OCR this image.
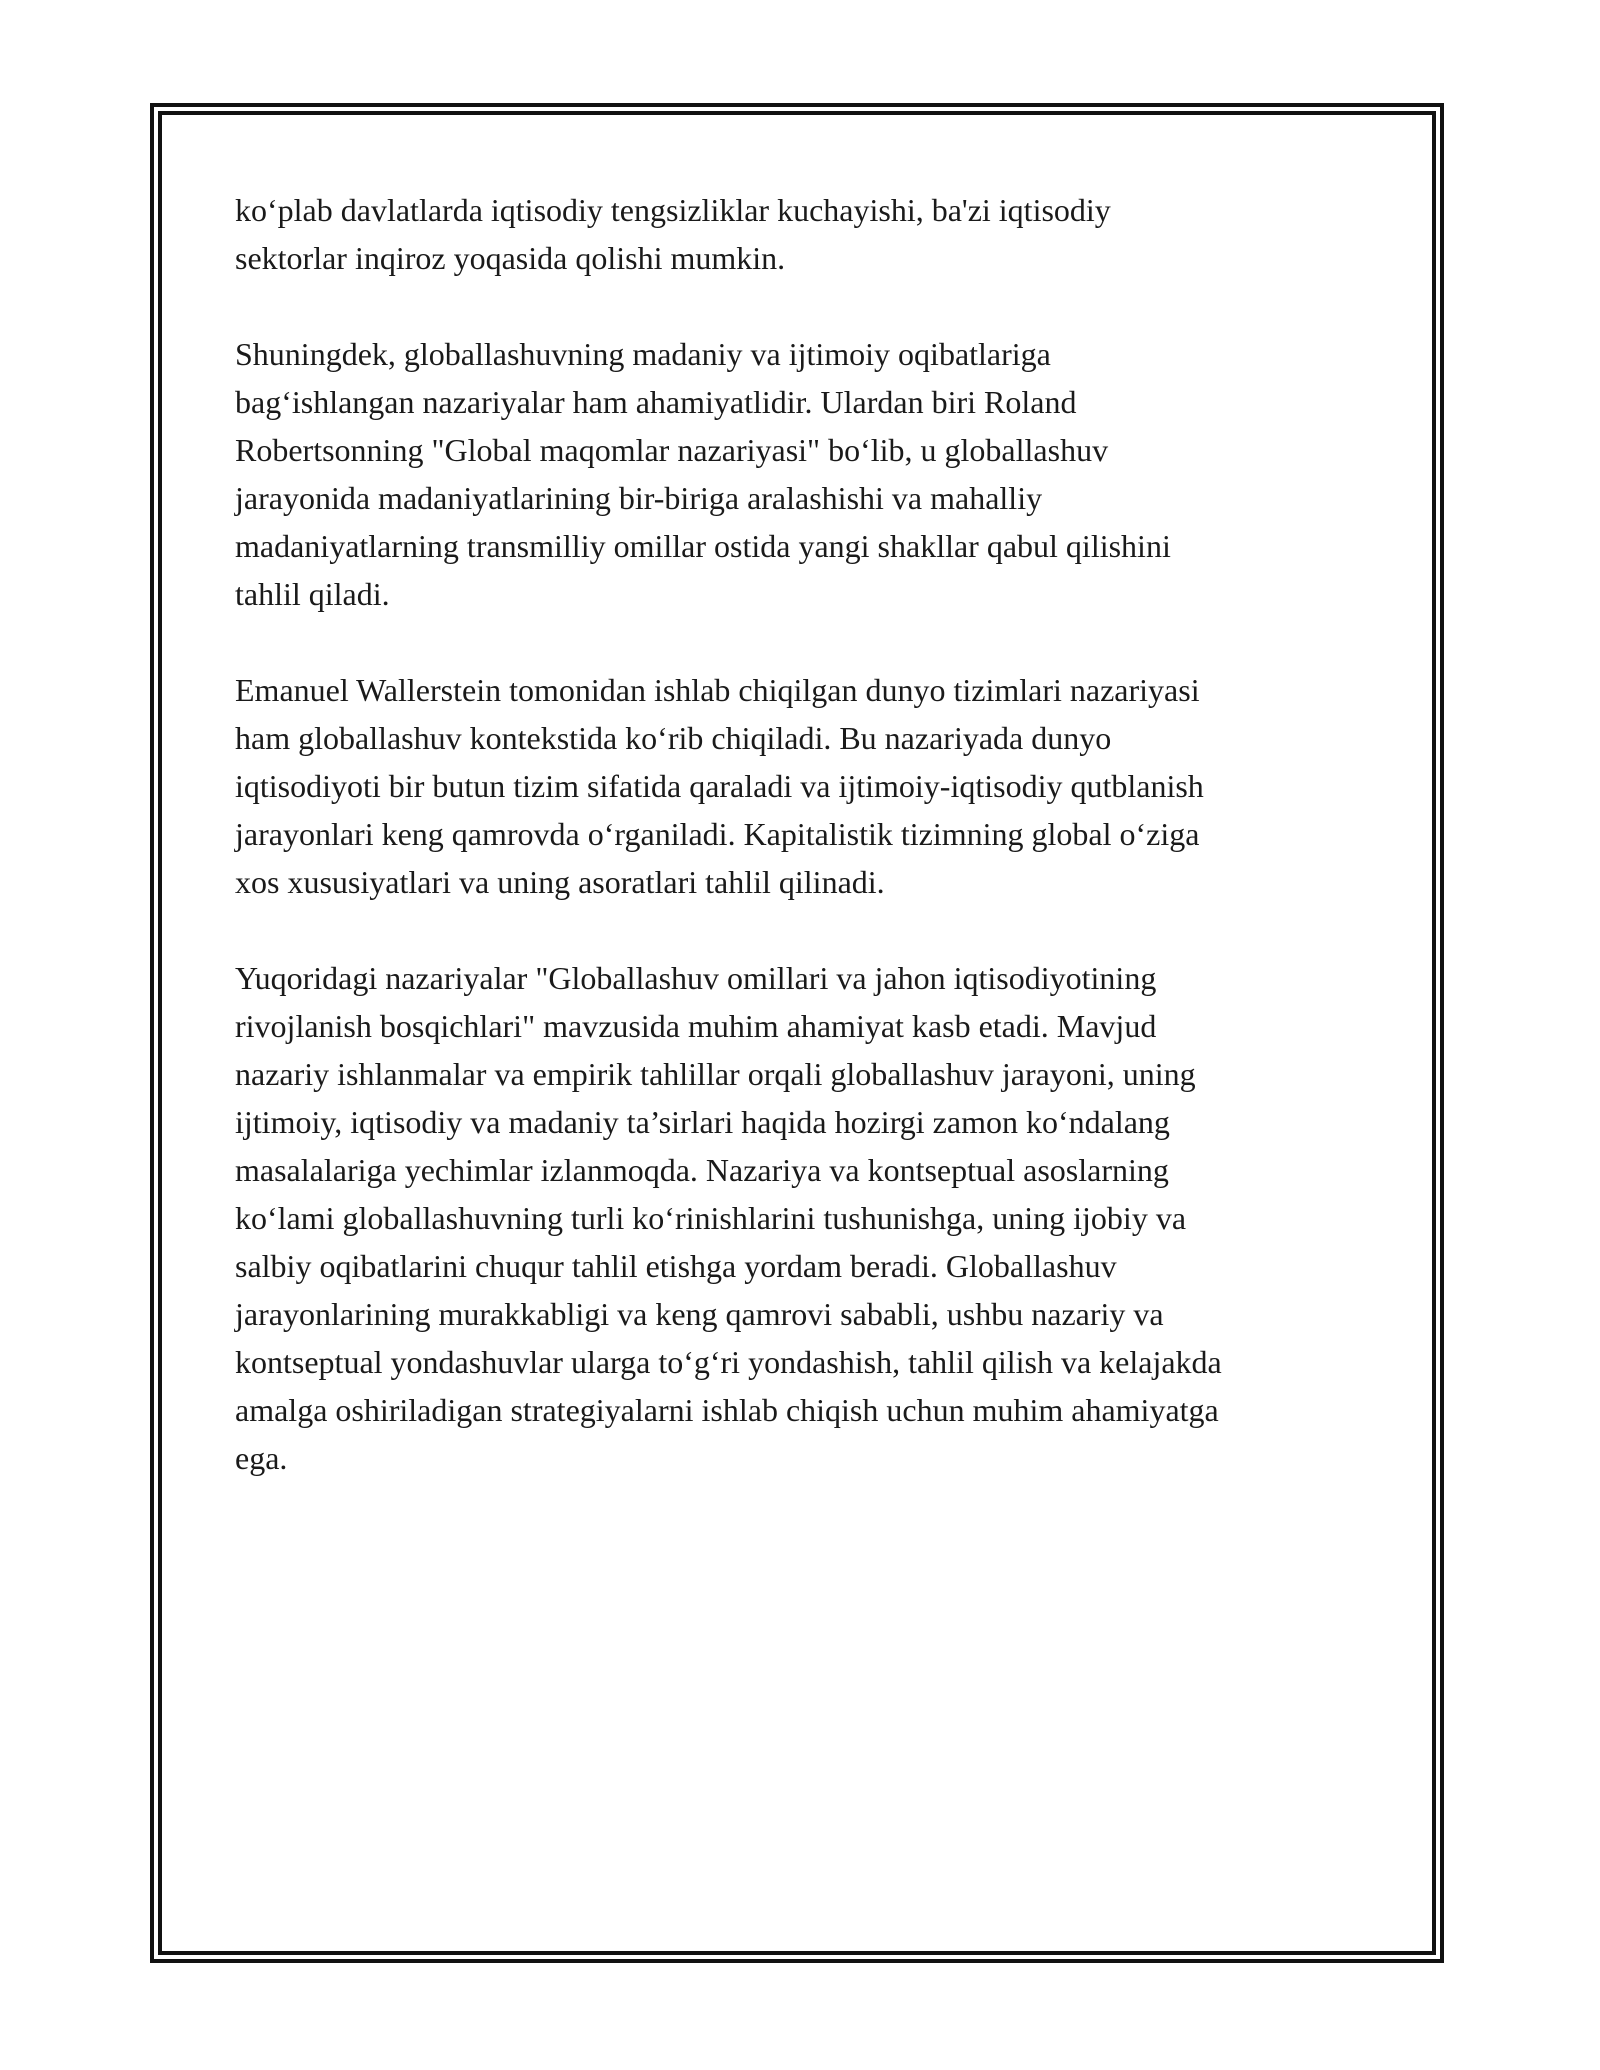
ko‘plab davlatlarda iqtisodiy tengsizliklar kuchayishi, ba'zi iqtisodiy
sektorlar inqiroz yoqasida qolishi mumkin.

Shuningdek, globallashuvning madaniy va ijtimoiy oqibatlariga
bag‘ishlangan nazariyalar ham ahamiyatlidir. Ulardan biri Roland
Robertsonning "Global maqomlar nazariyasi" bo‘lib, u globallashuv
jarayonida madaniyatlarining bir-biriga aralashishi va mahalliy
madaniyatlarning transmilliy omillar ostida yangi shakllar qabul qilishini
tahlil qiladi.

Emanuel Wallerstein tomonidan ishlab chiqilgan dunyo tizimlari nazariyasi
ham globallashuv kontekstida ko‘rib chiqiladi. Bu nazariyada dunyo
iqtisodiyoti bir butun tizim sifatida qaraladi va ijtimoiy-iqtisodiy qutblanish
jarayonlari keng qamrovda o‘rganiladi. Kapitalistik tizimning global o‘ziga
xos xususiyatlari va uning asoratlari tahlil qilinadi.

Yuqoridagi nazariyalar "Globallashuv omillari va jahon iqtisodiyotining
rivojlanish bosqichlari" mavzusida muhim ahamiyat kasb etadi. Mavjud
nazariy ishlanmalar va empirik tahlillar orqali globallashuv jarayoni, uning
ijtimoiy, iqtisodiy va madaniy ta’sirlari haqida hozirgi zamon ko‘ndalang
masalalariga yechimlar izlanmoqda. Nazariya va kontseptual asoslarning
ko‘lami globallashuvning turli ko‘rinishlarini tushunishga, uning ijobiy va
salbiy oqibatlarini chuqur tahlil etishga yordam beradi. Globallashuv
jarayonlarining murakkabligi va keng qamrovi sababli, ushbu nazariy va
kontseptual yondashuvlar ularga to‘g‘ri yondashish, tahlil qilish va kelajakda
amalga oshiriladigan strategiyalarni ishlab chiqish uchun muhim ahamiyatga
ega.
